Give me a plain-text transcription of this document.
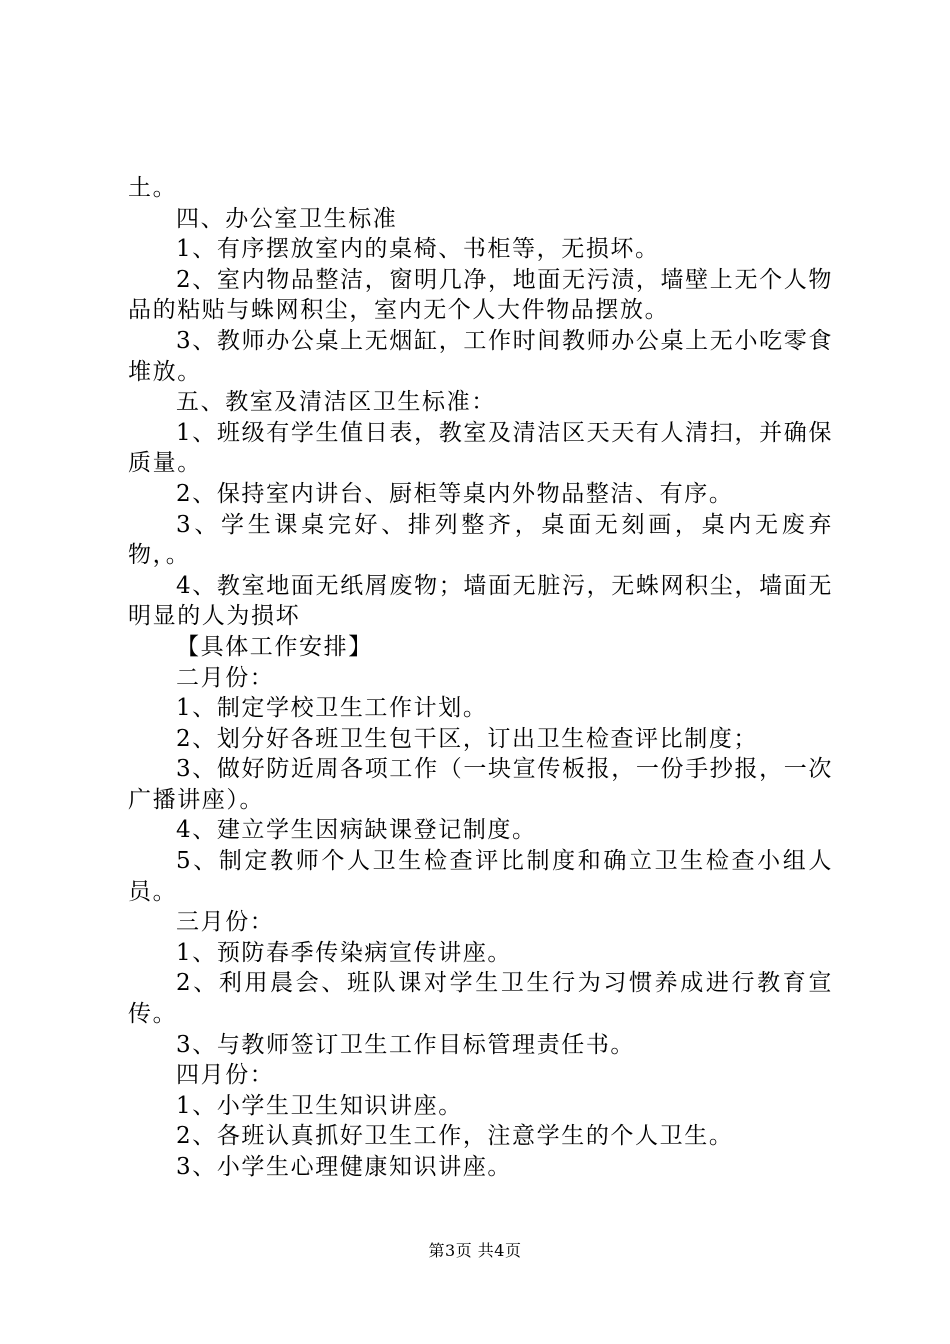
土。

四、办公室卫生标准

1、有序摆放室内的桌椅、书柜等，无损坏。

2、室内物品整洁，窗明几净，地面无污渍，墙壁上无个人物品的粘贴与蛛网积尘，室内无个人大件物品摆放。

3、教师办公桌上无烟缸，工作时间教师办公桌上无小吃零食堆放。

五、教室及清洁区卫生标准：

1、班级有学生值日表，教室及清洁区天天有人清扫，并确保质量。

2、保持室内讲台、厨柜等桌内外物品整洁、有序。

3、学生课桌完好、排列整齐，桌面无刻画，桌内无废弃物，。

4、教室地面无纸屑废物；墙面无脏污，无蛛网积尘，墙面无明显的人为损坏

【具体工作安排】

二月份：

1、制定学校卫生工作计划。

2、划分好各班卫生包干区，订出卫生检查评比制度；

3、做好防近周各项工作（一块宣传板报，一份手抄报，一次广播讲座）。

4、建立学生因病缺课登记制度。

5、制定教师个人卫生检查评比制度和确立卫生检查小组人员。

三月份：

1、预防春季传染病宣传讲座。

2、利用晨会、班队课对学生卫生行为习惯养成进行教育宣传。

3、与教师签订卫生工作目标管理责任书。

四月份：

1、小学生卫生知识讲座。

2、各班认真抓好卫生工作，注意学生的个人卫生。

3、小学生心理健康知识讲座。

第3页 共4页
